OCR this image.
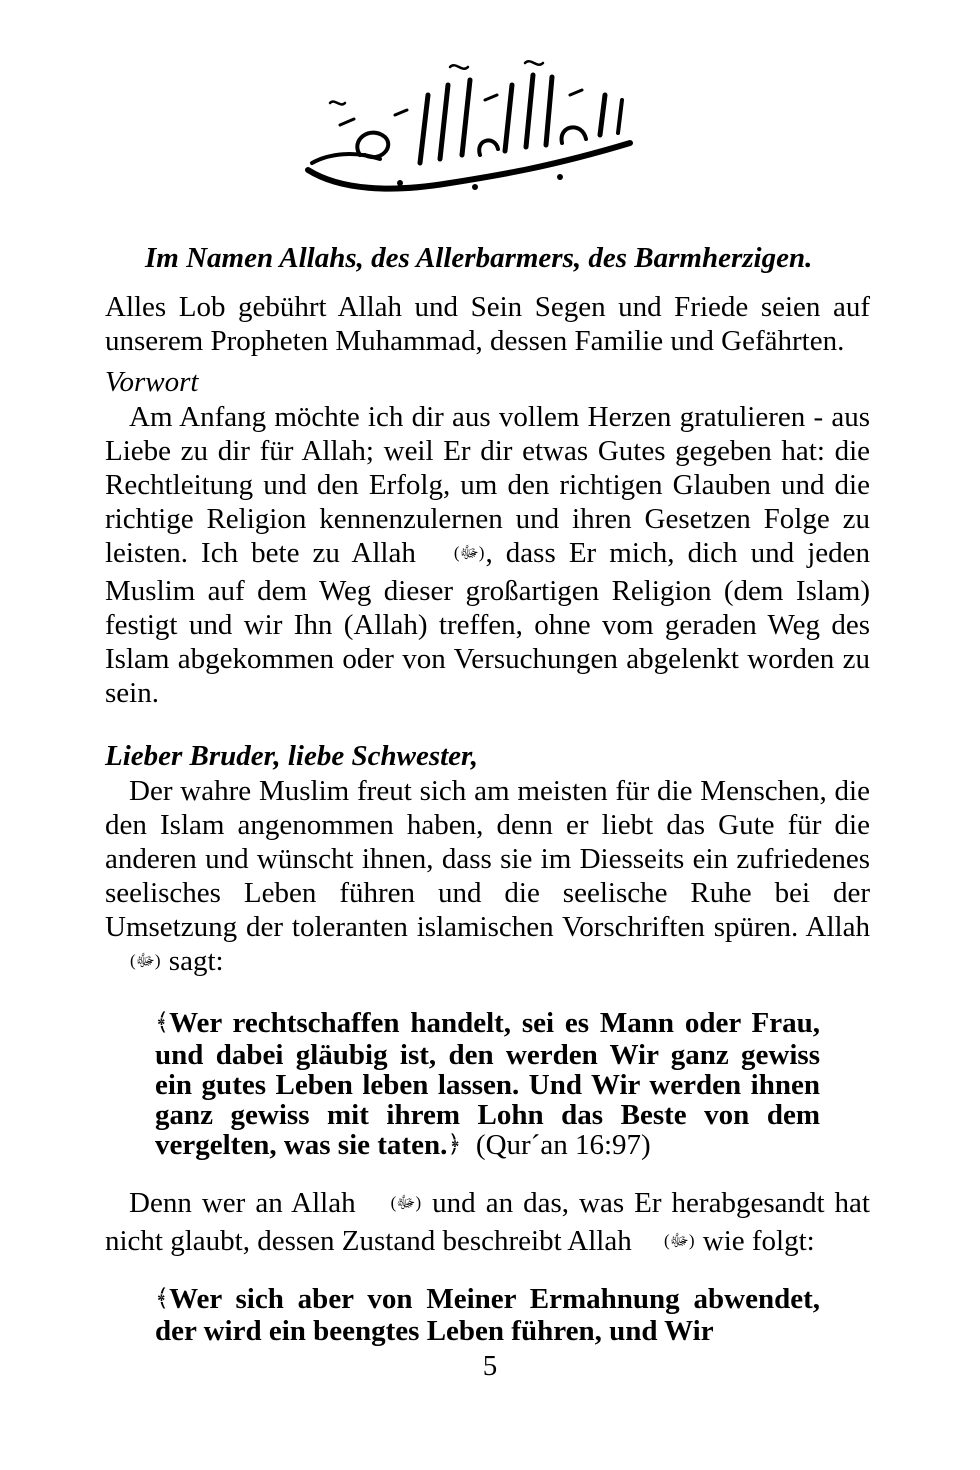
Im Namen Allahs, des Allerbarmers, des Barmherzigen.

Alles Lob gebührt Allah und Sein Segen und Friede seien auf unserem Propheten Muhammad, dessen Familie und Gefährten.

Vorwort

Am Anfang möchte ich dir aus vollem Herzen gratulieren - aus Liebe zu dir für Allah; weil Er dir etwas Gutes gegeben hat: die Rechtleitung und den Erfolg, um den richtigen Glauben und die richtige Religion kennenzulernen und ihren Gesetzen Folge zu leisten. Ich bete zu Allah (ﷻ), dass Er mich, dich und jeden Muslim auf dem Weg dieser großartigen Religion (dem Islam) festigt und wir Ihn (Allah) treffen, ohne vom geraden Weg des Islam abgekommen oder von Versuchungen abgelenkt worden zu sein.

Lieber Bruder, liebe Schwester,

Der wahre Muslim freut sich am meisten für die Menschen, die den Islam angenommen haben, denn er liebt das Gute für die anderen und wünscht ihnen, dass sie im Diesseits ein zufriedenes seelisches Leben führen und die seelische Ruhe bei der Umsetzung der toleranten islamischen Vorschriften spüren. Allah (ﷻ) sagt:

﴾Wer rechtschaffen handelt, sei es Mann oder Frau, und dabei gläubig ist, den werden Wir ganz gewiss ein gutes Leben leben lassen. Und Wir werden ihnen ganz gewiss mit ihrem Lohn das Beste von dem vergelten, was sie taten.﴿ (Qur´an 16:97)

Denn wer an Allah (ﷻ) und an das, was Er herabgesandt hat nicht glaubt, dessen Zustand beschreibt Allah (ﷻ) wie folgt:

﴾Wer sich aber von Meiner Ermahnung abwendet, der wird ein beengtes Leben führen, und Wir

5
